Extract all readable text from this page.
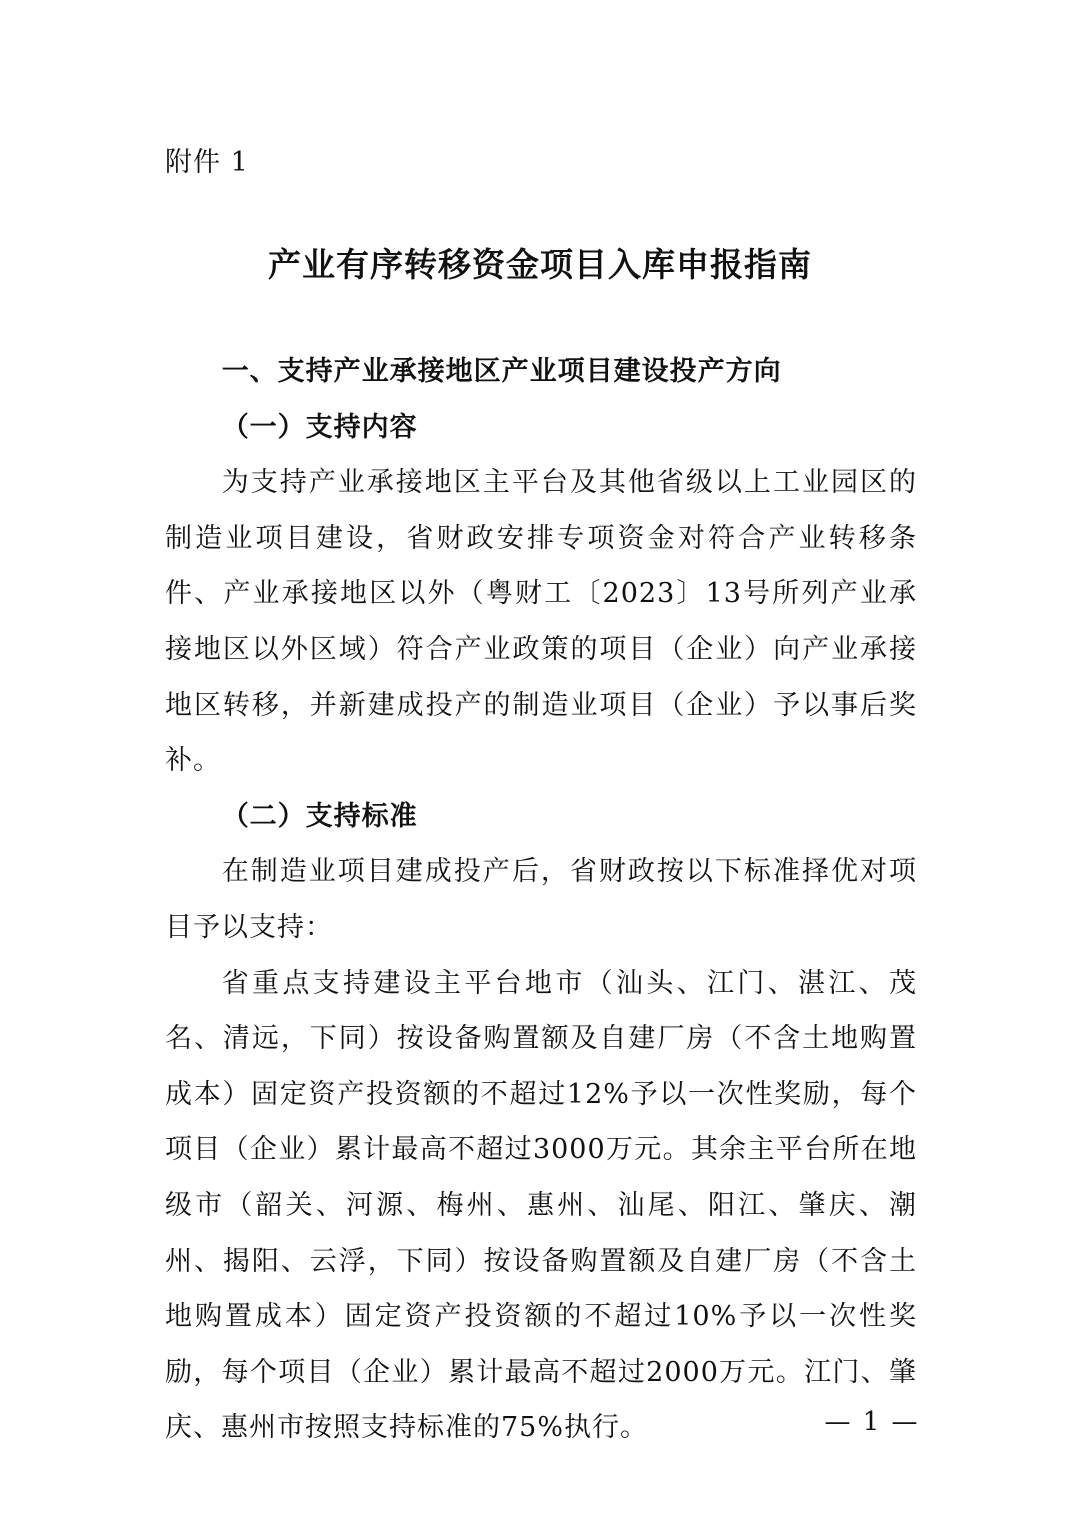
附件 1
产业有序转移资金项目入库申报指南

一、支持产业承接地区产业项目建设投产方向

（一）支持内容

为支持产业承接地区主平台及其他省级以上工业园区的制造业项目建设，省财政安排专项资金对符合产业转移条件、产业承接地区以外（粤财工〔2023〕13号所列产业承接地区以外区域）符合产业政策的项目（企业）向产业承接地区转移，并新建成投产的制造业项目（企业）予以事后奖补。

（二）支持标准

在制造业项目建成投产后，省财政按以下标准择优对项目予以支持：

省重点支持建设主平台地市（汕头、江门、湛江、茂名、清远，下同）按设备购置额及自建厂房（不含土地购置成本）固定资产投资额的不超过12%予以一次性奖励，每个项目（企业）累计最高不超过3000万元。其余主平台所在地级市（韶关、河源、梅州、惠州、汕尾、阳江、肇庆、潮州、揭阳、云浮，下同）按设备购置额及自建厂房（不含土地购置成本）固定资产投资额的不超过10%予以一次性奖励，每个项目（企业）累计最高不超过2000万元。江门、肇庆、惠州市按照支持标准的75%执行。	— 1 —
